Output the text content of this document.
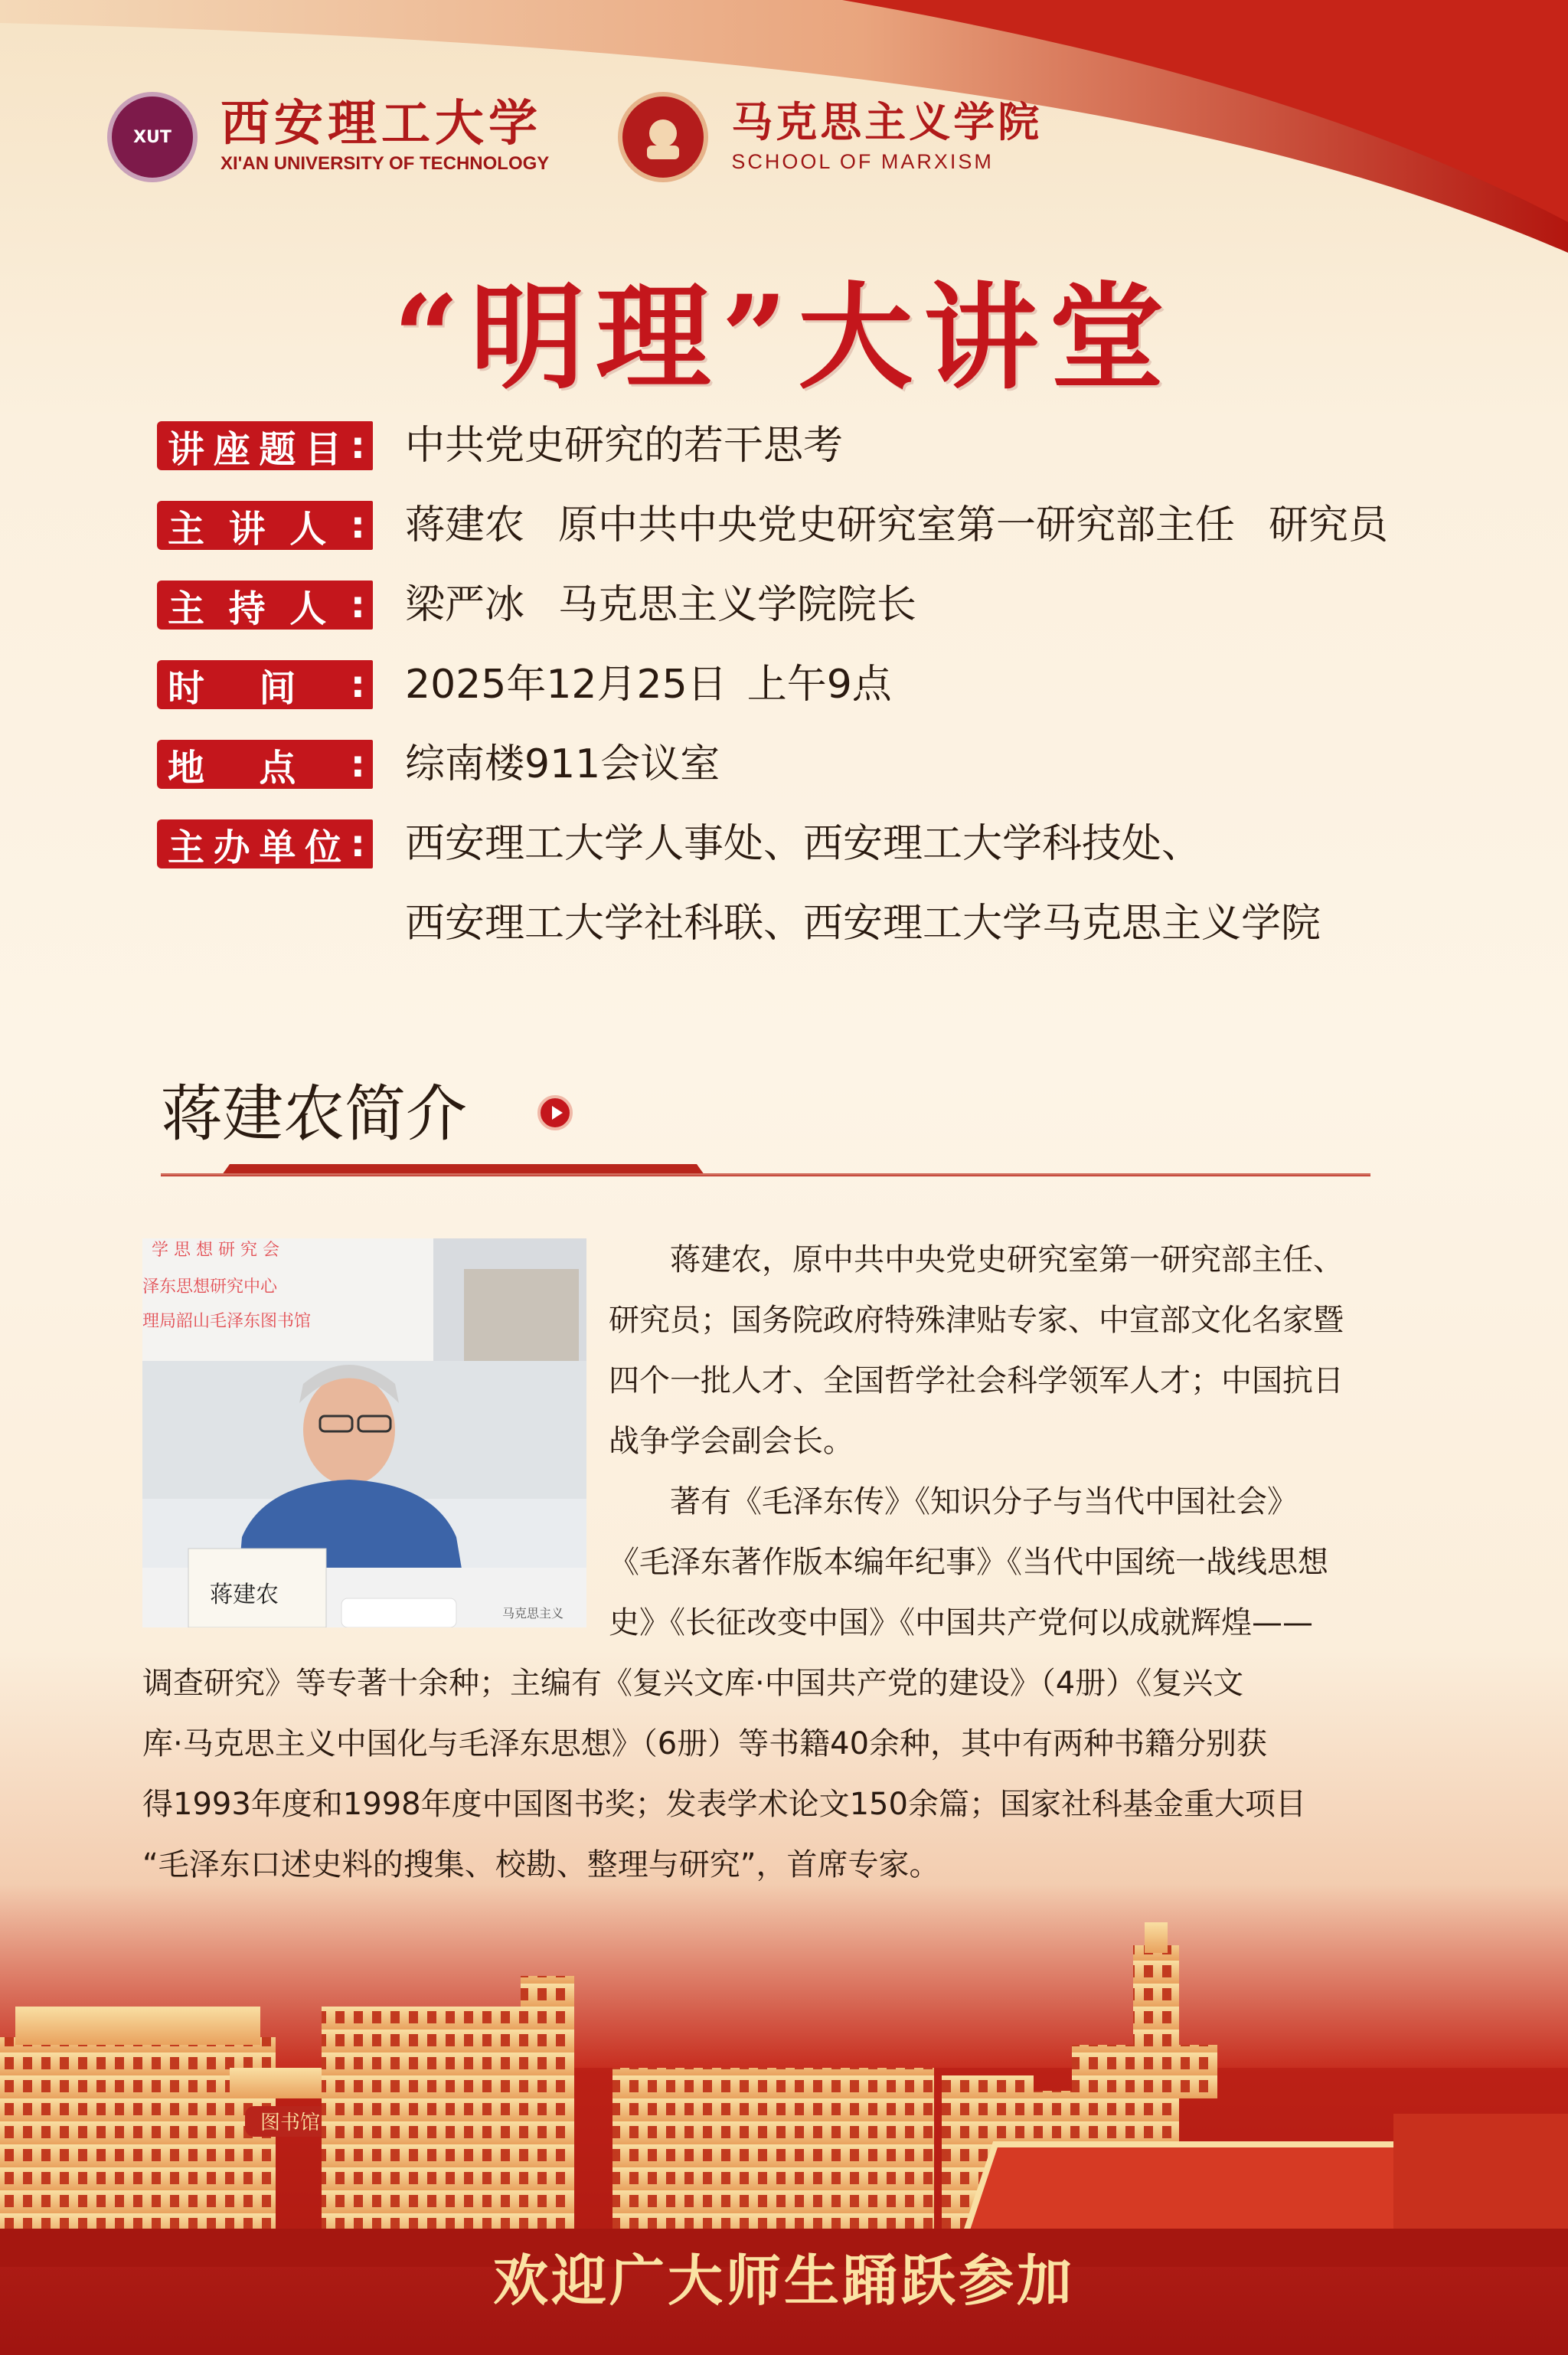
XUT 西安理工大学
XI'AN UNIVERSITY OF TECHNOLOGY
马克思主义学院
SCHOOL OF MARXISM
“明理”大讲堂
讲 座 题 目 : 中共党史研究的若干思考
主 讲 人 : 蒋建农 原中共中央党史研究室第一研究部主任 研究员
主 持 人 : 梁严冰 马克思主义学院院长
时 间 : 2025年12月25日 上午9点
地 点 : 综南楼911会议室
主 办 单 位 : 西安理工大学人事处、西安理工大学科技处、
西安理工大学社科联、西安理工大学马克思主义学院
蒋建农简介
学 思 想 研 究 会
泽东思想研究中心
理局韶山毛泽东图书馆
蒋建农
马克思主义

蒋建农，原中共中央党史研究室第一研究部主任、

研究员；国务院政府特殊津贴专家、中宣部文化名家暨

四个一批人才、全国哲学社会科学领军人才；中国抗日

战争学会副会长。

著有《毛泽东传》《知识分子与当代中国社会》

《毛泽东著作版本编年纪事》《当代中国统一战线思想

史》《长征改变中国》《中国共产党何以成就辉煌——

调查研究》等专著十余种；主编有《复兴文库·中国共产党的建设》（4册）《复兴文

库·马克思主义中国化与毛泽东思想》（6册）等书籍40余种，其中有两种书籍分别获

得1993年度和1998年度中国图书奖；发表学术论文150余篇；国家社科基金重大项目

“毛泽东口述史料的搜集、校勘、整理与研究”，首席专家。

图书馆
欢迎广大师生踊跃参加
